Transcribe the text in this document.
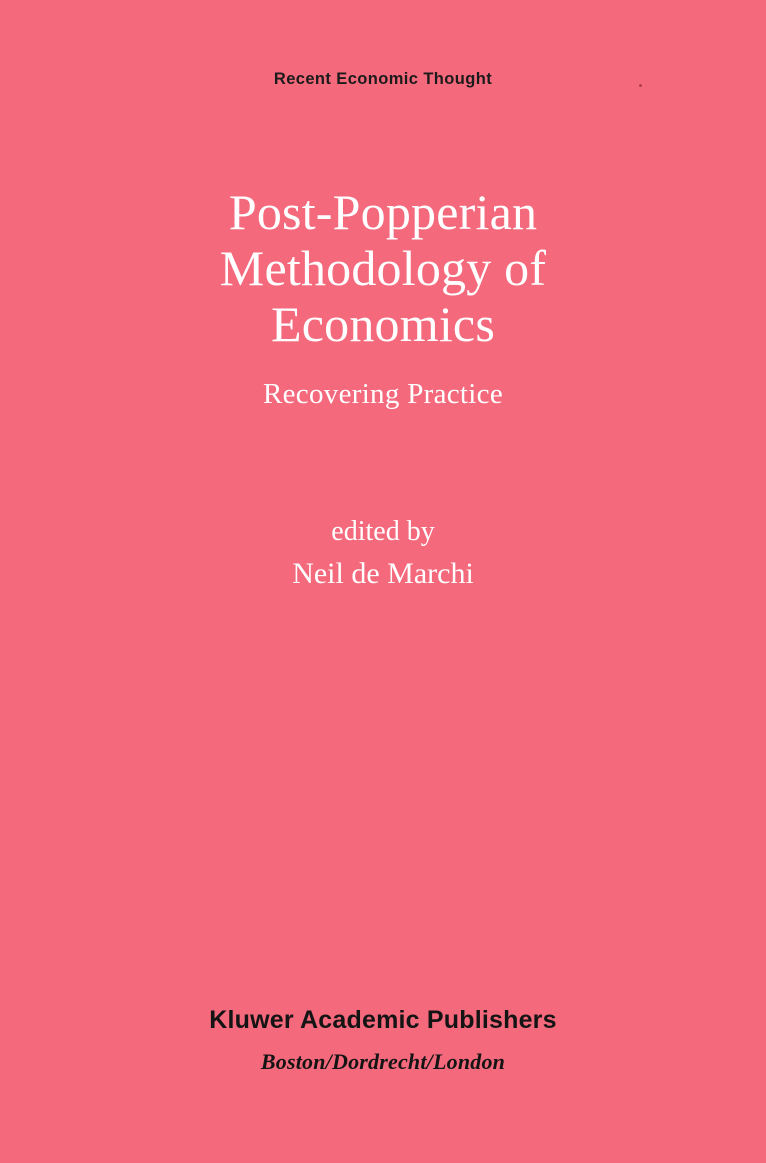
Recent Economic Thought
Post-Popperian
Methodology of
Economics
Recovering Practice
edited by
Neil de Marchi
Kluwer Academic Publishers
Boston/Dordrecht/London
